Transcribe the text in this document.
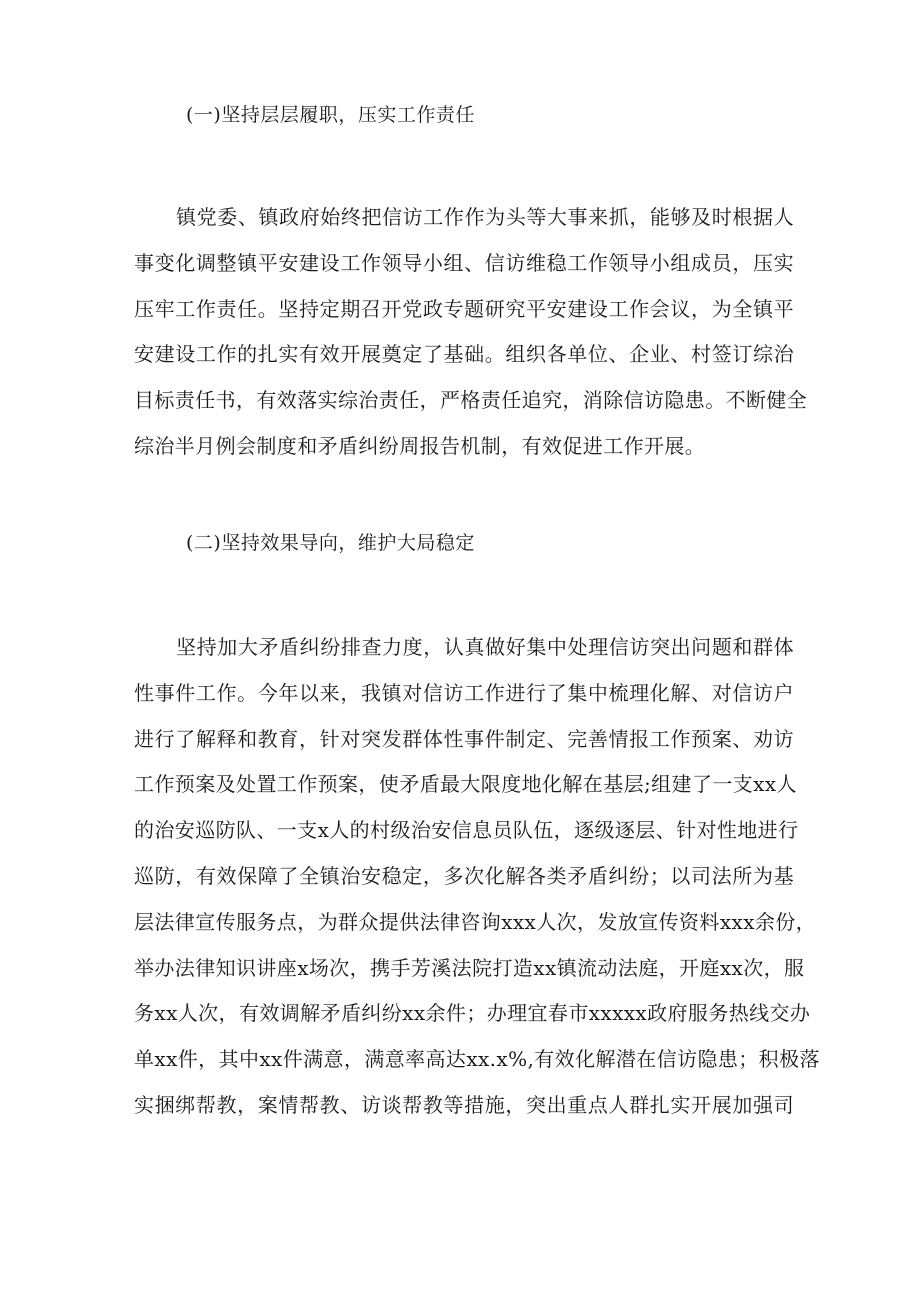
(一)坚持层层履职，压实工作责任
镇党委、镇政府始终把信访工作作为头等大事来抓，能够及时根据人
事变化调整镇平安建设工作领导小组、信访维稳工作领导小组成员，压实
压牢工作责任。坚持定期召开党政专题研究平安建设工作会议，为全镇平
安建设工作的扎实有效开展奠定了基础。组织各单位、企业、村签订综治
目标责任书，有效落实综治责任，严格责任追究，消除信访隐患。不断健全
综治半月例会制度和矛盾纠纷周报告机制，有效促进工作开展。
(二)坚持效果导向，维护大局稳定
坚持加大矛盾纠纷排查力度，认真做好集中处理信访突出问题和群体
性事件工作。今年以来，我镇对信访工作进行了集中梳理化解、对信访户
进行了解释和教育，针对突发群体性事件制定、完善情报工作预案、劝访
工作预案及处置工作预案，使矛盾最大限度地化解在基层;组建了一支xx人
的治安巡防队、一支x人的村级治安信息员队伍，逐级逐层、针对性地进行
巡防，有效保障了全镇治安稳定，多次化解各类矛盾纠纷；以司法所为基
层法律宣传服务点，为群众提供法律咨询xxx人次，发放宣传资料xxx余份，
举办法律知识讲座x场次，携手芳溪法院打造xx镇流动法庭，开庭xx次，服
务xx人次，有效调解矛盾纠纷xx余件；办理宜春市xxxxx政府服务热线交办
单xx件，其中xx件满意，满意率高达xx.x%,有效化解潜在信访隐患；积极落
实捆绑帮教，案情帮教、访谈帮教等措施，突出重点人群扎实开展加强司
